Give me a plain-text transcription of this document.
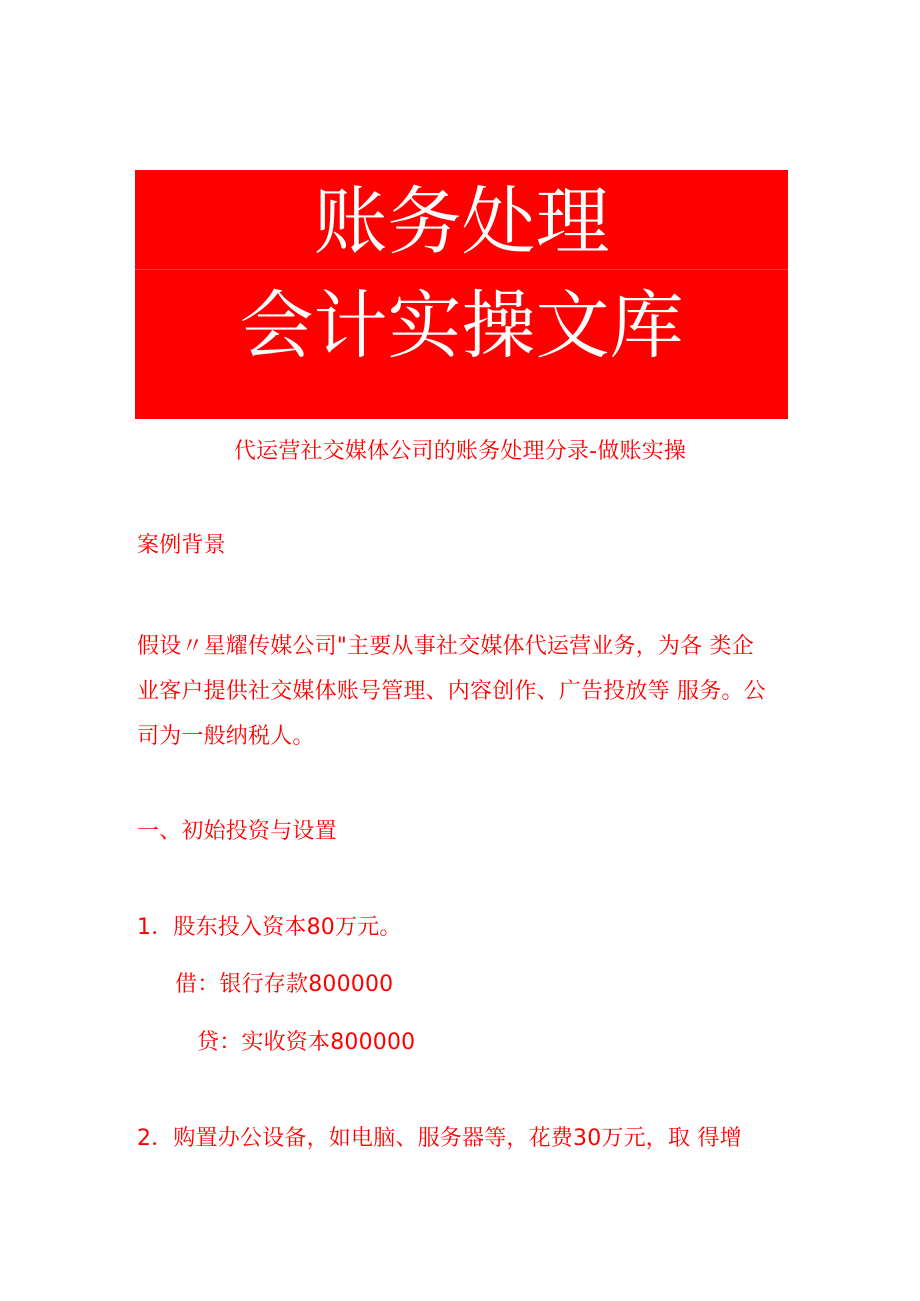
账务处理
会计实操文库
代运营社交媒体公司的账务处理分录-做账实操
案例背景
假设〃星耀传媒公司"主要从事社交媒体代运营业务，为各 类企
业客户提供社交媒体账号管理、内容创作、广告投放等 服务。公
司为一般纳税人。
一、初始投资与设置
1．股东投入资本80万元。
借：银行存款800000
贷：实收资本800000
2．购置办公设备，如电脑、服务器等，花费30万元，取 得增
